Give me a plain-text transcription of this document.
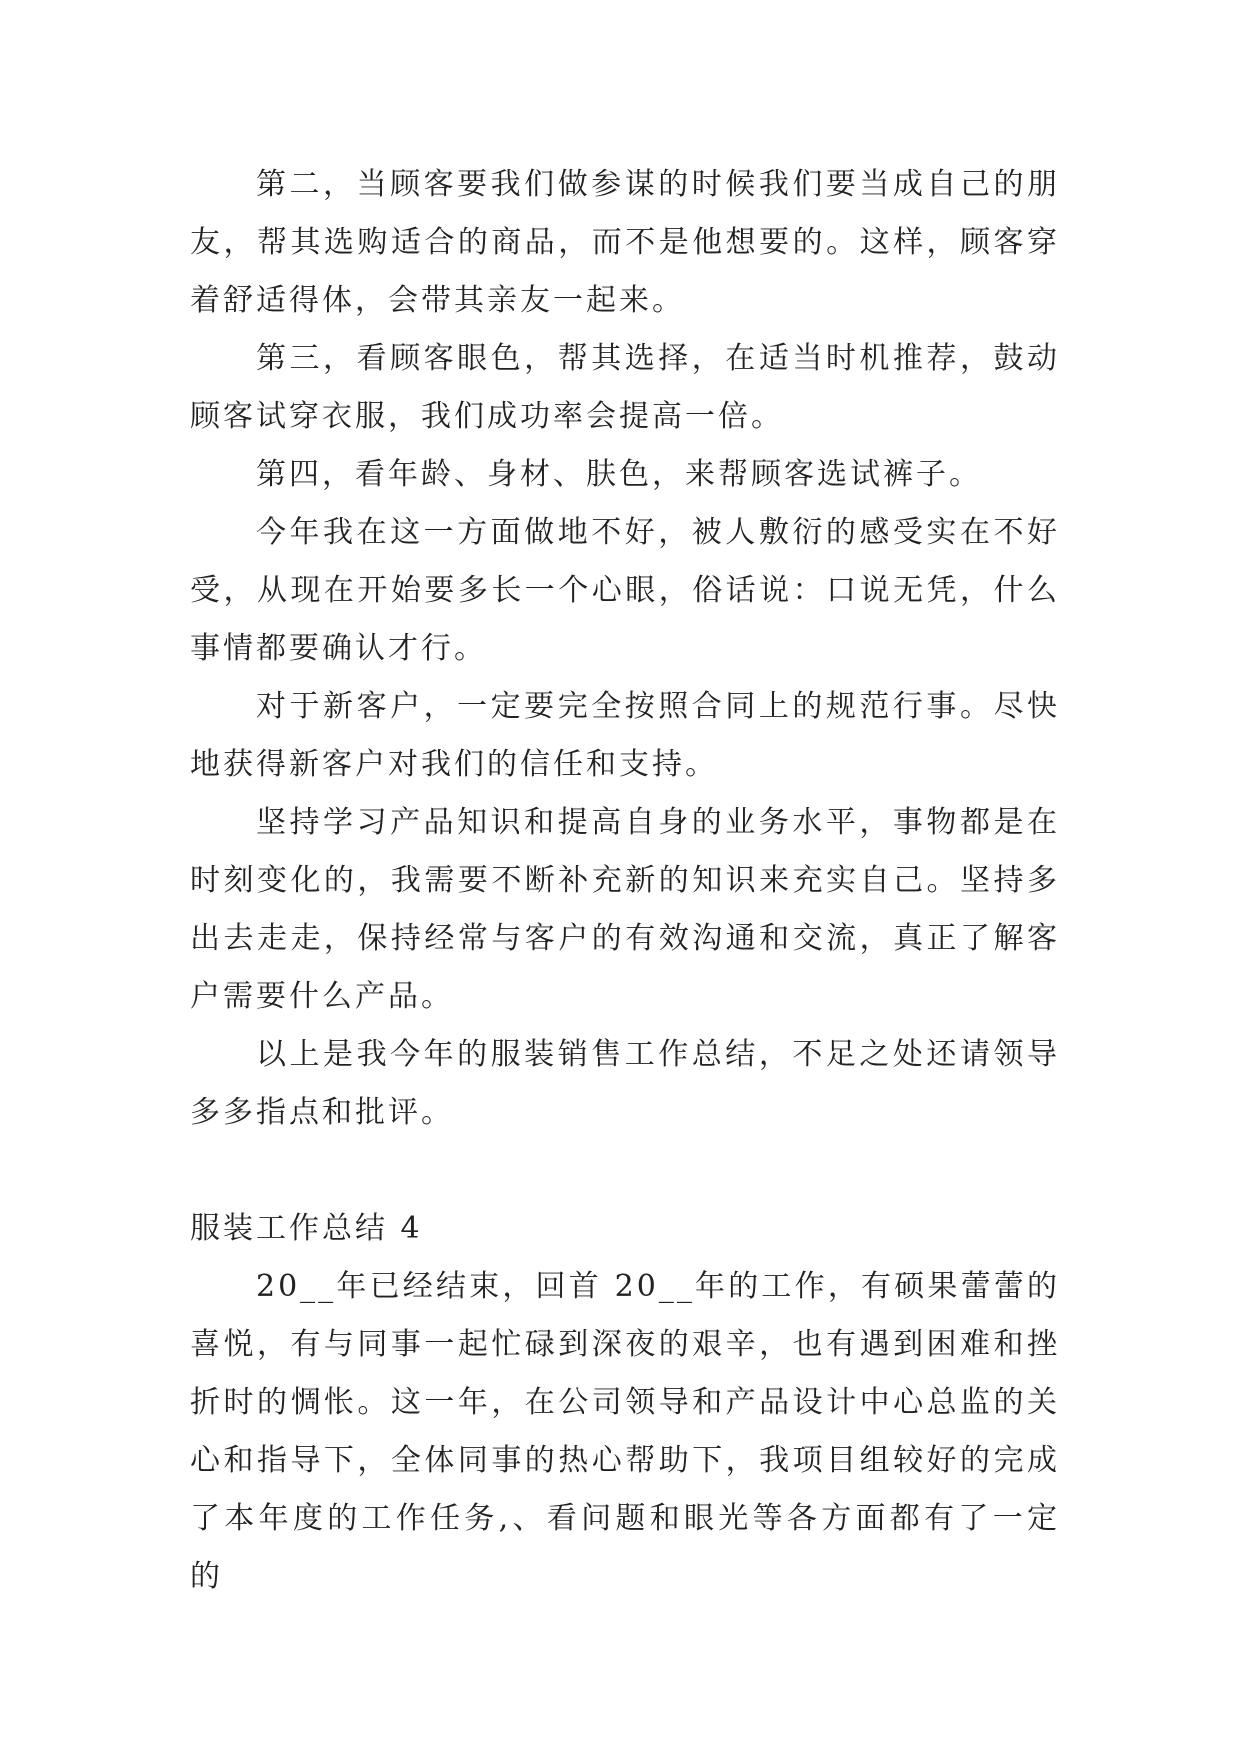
第二，当顾客要我们做参谋的时候我们要当成自己的朋友，帮其选购适合的商品，而不是他想要的。这样，顾客穿着舒适得体，会带其亲友一起来。

第三，看顾客眼色，帮其选择，在适当时机推荐，鼓动顾客试穿衣服，我们成功率会提高一倍。

第四，看年龄、身材、肤色，来帮顾客选试裤子。

今年我在这一方面做地不好，被人敷衍的感受实在不好受，从现在开始要多长一个心眼，俗话说：口说无凭，什么事情都要确认才行。

对于新客户，一定要完全按照合同上的规范行事。尽快地获得新客户对我们的信任和支持。

坚持学习产品知识和提高自身的业务水平，事物都是在时刻变化的，我需要不断补充新的知识来充实自己。坚持多出去走走，保持经常与客户的有效沟通和交流，真正了解客户需要什么产品。

以上是我今年的服装销售工作总结，不足之处还请领导多多指点和批评。

服装工作总结 4

20__年已经结束，回首 20__年的工作，有硕果蕾蕾的喜悦，有与同事一起忙碌到深夜的艰辛，也有遇到困难和挫折时的惆怅。这一年，在公司领导和产品设计中心总监的关心和指导下，全体同事的热心帮助下，我项目组较好的完成了本年度的工作任务,、看问题和眼光等各方面都有了一定的
